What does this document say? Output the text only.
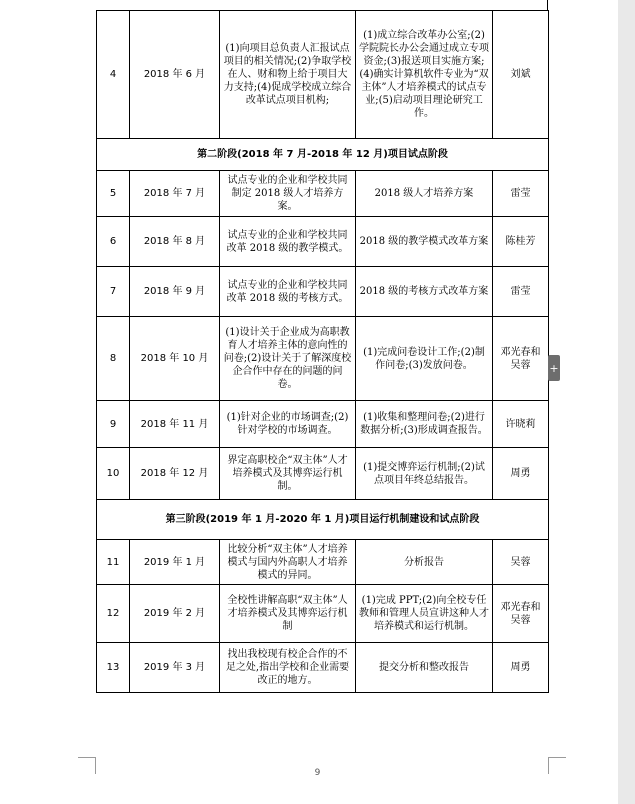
4	2018 年 6 月	(1)向项目总负责人汇报试点项目的相关情况;(2)争取学校在人、财和物上给于项目大力支持;(4)促成学校成立综合改革试点项目机构;	(1)成立综合改革办公室;(2)学院院长办公会通过成立专项资金;(3)报送项目实施方案;(4)确实计算机软件专业为“双主体”人才培养模式的试点专业;(5)启动项目理论研究工作。	刘斌
第二阶段(2018 年 7 月-2018 年 12 月)项目试点阶段				
5	2018 年 7 月	试点专业的企业和学校共同制定 2018 级人才培养方案。	2018 级人才培养方案	雷莹
6	2018 年 8 月	试点专业的企业和学校共同改革 2018 级的教学模式。	2018 级的教学模式改革方案	陈桂芳
7	2018 年 9 月	试点专业的企业和学校共同改革 2018 级的考核方式。	2018 级的考核方式改革方案	雷莹
8	2018 年 10 月	(1)设计关于企业成为高职教育人才培养主体的意向性的问卷;(2)设计关于了解深度校企合作中存在的问题的问卷。	(1)完成问卷设计工作;(2)制作问卷;(3)发放问卷。	邓光春和吴蓉
9	2018 年 11 月	(1)针对企业的市场调查;(2)针对学校的市场调查。	(1)收集和整理问卷;(2)进行数据分析;(3)形成调查报告。	许晓莉
10	2018 年 12 月	界定高职校企“双主体”人才培养模式及其博弈运行机制。	(1)提交博弈运行机制;(2)试点项目年终总结报告。	周勇
第三阶段(2019 年 1 月-2020 年 1 月)项目运行机制建设和试点阶段				
11	2019 年 1 月	比较分析“双主体”人才培养模式与国内外高职人才培养模式的异同。	分析报告	吴蓉
12	2019 年 2 月	全校性讲解高职“双主体”人才培养模式及其博弈运行机制	(1)完成 PPT;(2)向全校专任教师和管理人员宣讲这种人才培养模式和运行机制。	邓光春和吴蓉
13	2019 年 3 月	找出我校现有校企合作的不足之处,指出学校和企业需要改正的地方。	提交分析和整改报告	周勇
+
9
